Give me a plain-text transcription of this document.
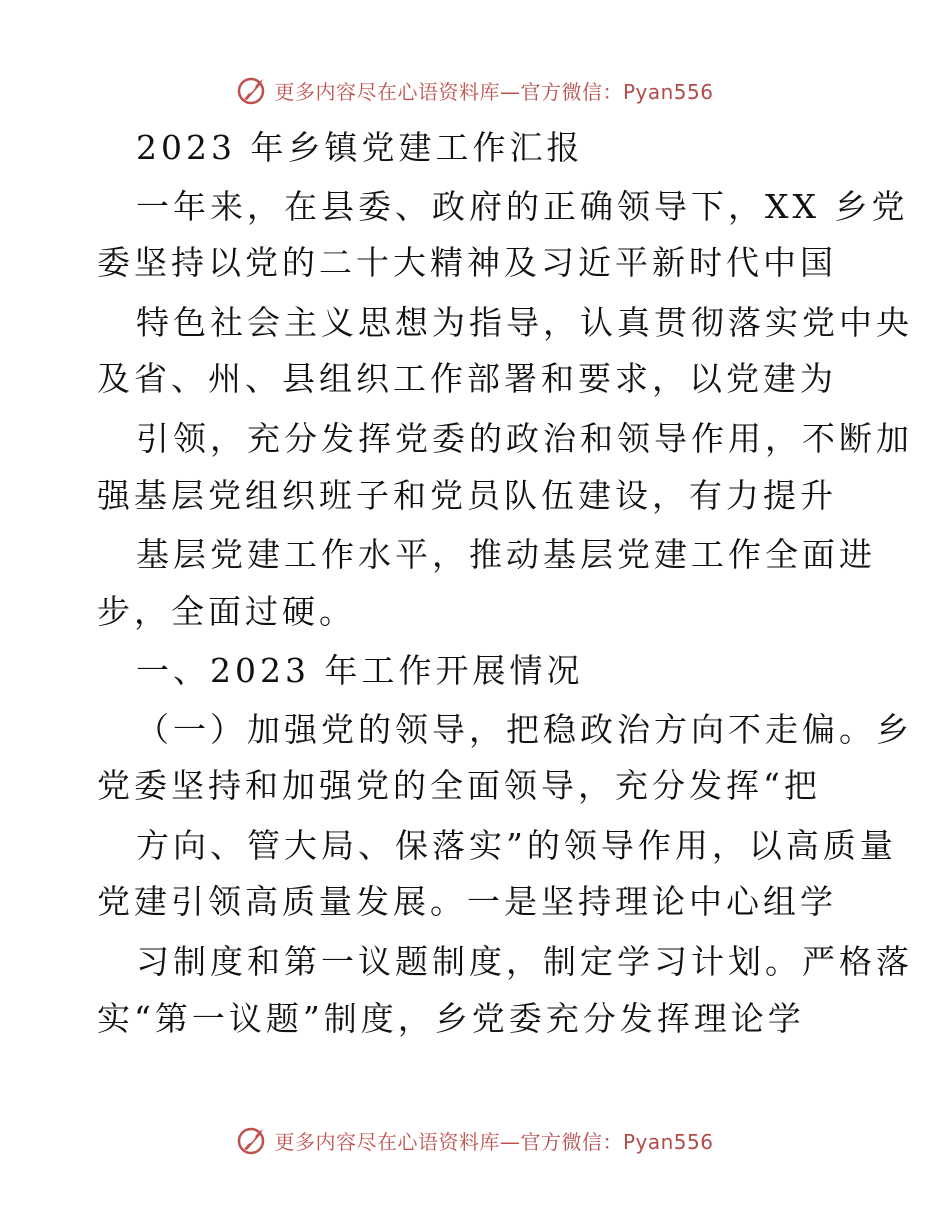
更多内容尽在心语资料库—官方微信：Pyan556
2023 年乡镇党建工作汇报
一年来，在县委、政府的正确领导下，XX 乡党
委坚持以党的二十大精神及习近平新时代中国
特色社会主义思想为指导，认真贯彻落实党中央
及省、州、县组织工作部署和要求，以党建为
引领，充分发挥党委的政治和领导作用，不断加
强基层党组织班子和党员队伍建设，有力提升
基层党建工作水平，推动基层党建工作全面进
步，全面过硬。
一、2023 年工作开展情况
（一）加强党的领导，把稳政治方向不走偏。乡
党委坚持和加强党的全面领导，充分发挥“把
方向、管大局、保落实”的领导作用，以高质量
党建引领高质量发展。一是坚持理论中心组学
习制度和第一议题制度，制定学习计划。严格落
实“第一议题”制度，乡党委充分发挥理论学
更多内容尽在心语资料库—官方微信：Pyan556
